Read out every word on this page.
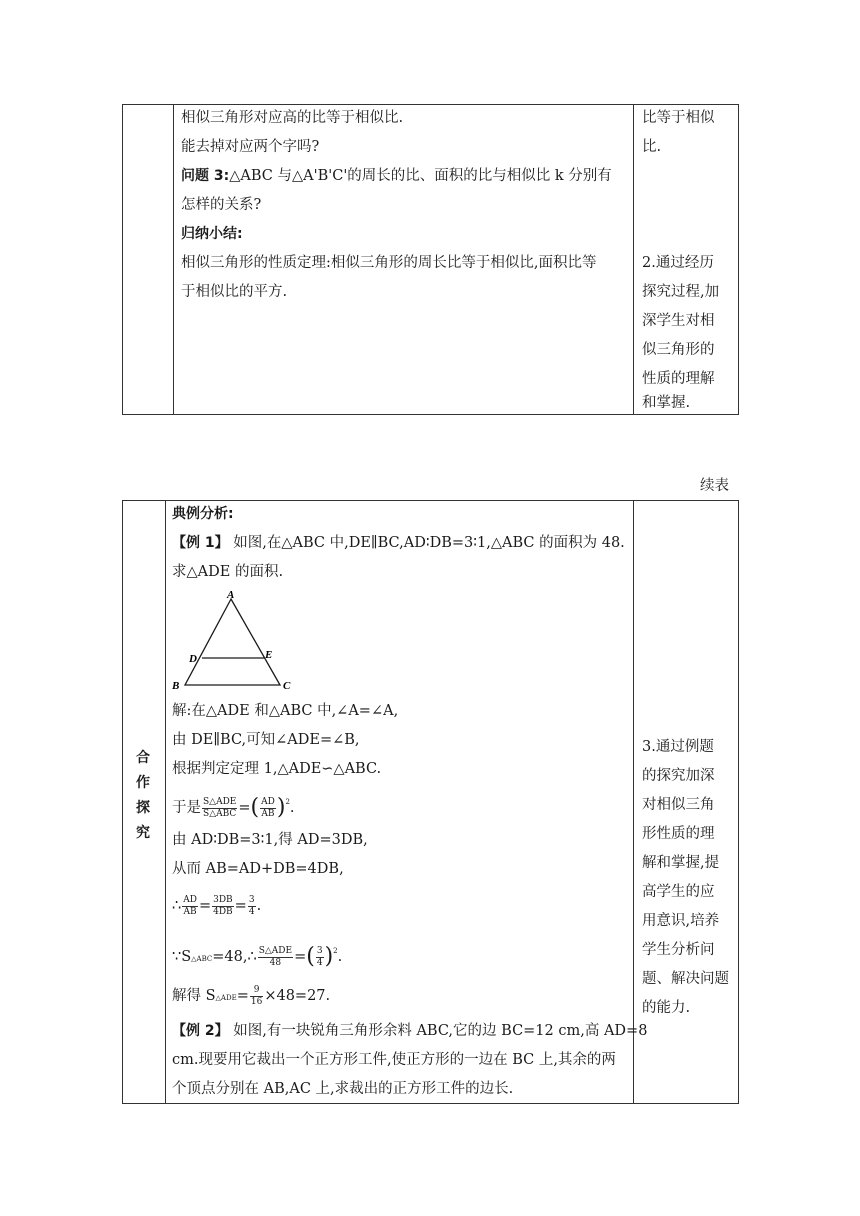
相似三角形对应高的比等于相似比.
能去掉对应两个字吗?
问题 3:△ABC 与△A'B'C'的周长的比、面积的比与相似比 k 分别有
怎样的关系?
归纳小结:
相似三角形的性质定理:相似三角形的周长比等于相似比,面积比等
于相似比的平方.
比等于相似
比.
2.通过经历
探究过程,加
深学生对相
似三角形的
性质的理解
和掌握.
续表
合
作
探
究
典例分析:
【例 1】 如图,在△ABC 中,DE∥BC,AD∶DB=3∶1,△ABC 的面积为 48.
求△ADE 的面积.
A
D	E
B	C
解:在△ADE 和△ABC 中,∠A=∠A,
由 DE∥BC,可知∠ADE=∠B,
根据判定定理 1,△ADE∽△ABC.
于是 $\frac{\text{S△ADE}}{\text{S△ABC}}$ =( $\frac{AD}{AB} )^2$.
由 AD∶DB=3∶1,得 AD=3DB,
从而 AB=AD+DB=4DB,
∴ $\frac{AD}{AB} = \frac{3DB}{4DB} = \frac{3}{4}$ .
∵S△ABC=48,∴ $\frac{\text{S△ADE}}{48}$ =( $\frac{3}{4} )^2$.
解得 S△ADE= $\frac{9}{16} \times 48=27$.
【例 2】 如图,有一块锐角三角形余料 ABC,它的边 BC=12 cm,高 AD=8
cm.现要用它裁出一个正方形工件,使正方形的一边在 BC 上,其余的两
个顶点分别在 AB,AC 上,求裁出的正方形工件的边长.
3.通过例题
的探究加深
对相似三角
形性质的理
解和掌握,提
高学生的应
用意识,培养
学生分析问
题、解决问题
的能力.
